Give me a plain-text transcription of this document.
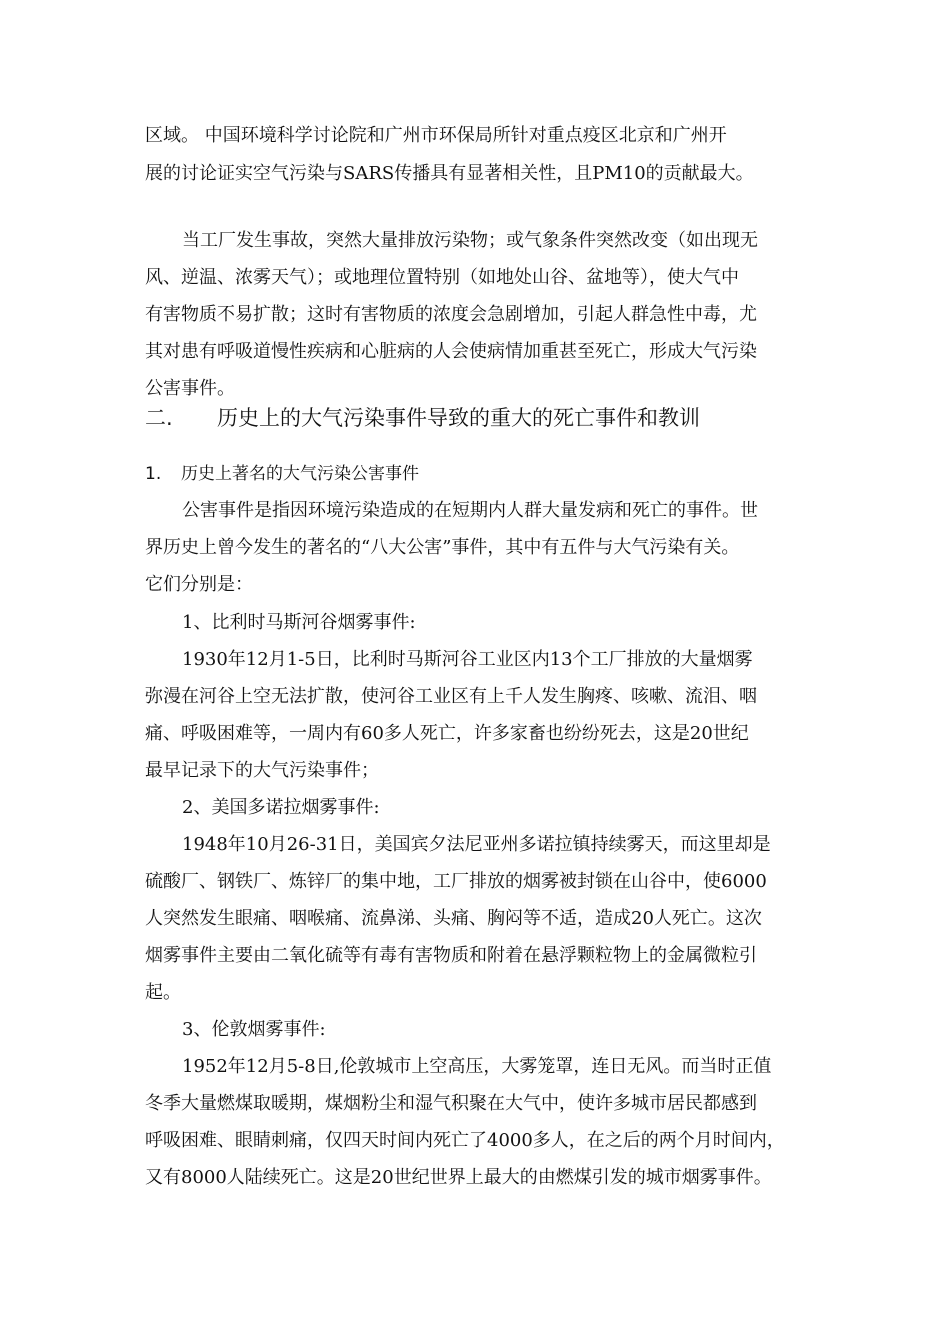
区域。 中国环境科学讨论院和广州市环保局所针对重点疫区北京和广州开
展的讨论证实空气污染与SARS传播具有显著相关性，且PM10的贡献最大。
当工厂发生事故，突然大量排放污染物；或气象条件突然改变（如出现无
风、逆温、浓雾天气）；或地理位置特别（如地处山谷、盆地等），使大气中
有害物质不易扩散；这时有害物质的浓度会急剧增加，引起人群急性中毒，尤
其对患有呼吸道慢性疾病和心脏病的人会使病情加重甚至死亡，形成大气污染
公害事件。
二. 历史上的大气污染事件导致的重大的死亡事件和教训
1. 历史上著名的大气污染公害事件
公害事件是指因环境污染造成的在短期内人群大量发病和死亡的事件。世
界历史上曾今发生的著名的“八大公害”事件，其中有五件与大气污染有关。
它们分别是：
1、比利时马斯河谷烟雾事件:
1930年12月1-5日，比利时马斯河谷工业区内13个工厂排放的大量烟雾
弥漫在河谷上空无法扩散，使河谷工业区有上千人发生胸疼、咳嗽、流泪、咽
痛、呼吸困难等，一周内有60多人死亡，许多家畜也纷纷死去，这是20世纪
最早记录下的大气污染事件；
2、美国多诺拉烟雾事件:
1948年10月26-31日，美国宾夕法尼亚州多诺拉镇持续雾天，而这里却是
硫酸厂、钢铁厂、炼锌厂的集中地，工厂排放的烟雾被封锁在山谷中，使6000
人突然发生眼痛、咽喉痛、流鼻涕、头痛、胸闷等不适，造成20人死亡。这次
烟雾事件主要由二氧化硫等有毒有害物质和附着在悬浮颗粒物上的金属微粒引
起。
3、伦敦烟雾事件:
1952年12月5-8日,伦敦城市上空高压，大雾笼罩，连日无风。而当时正值
冬季大量燃煤取暖期，煤烟粉尘和湿气积聚在大气中，使许多城市居民都感到
呼吸困难、眼睛刺痛，仅四天时间内死亡了4000多人，在之后的两个月时间内，
又有8000人陆续死亡。这是20世纪世界上最大的由燃煤引发的城市烟雾事件。
